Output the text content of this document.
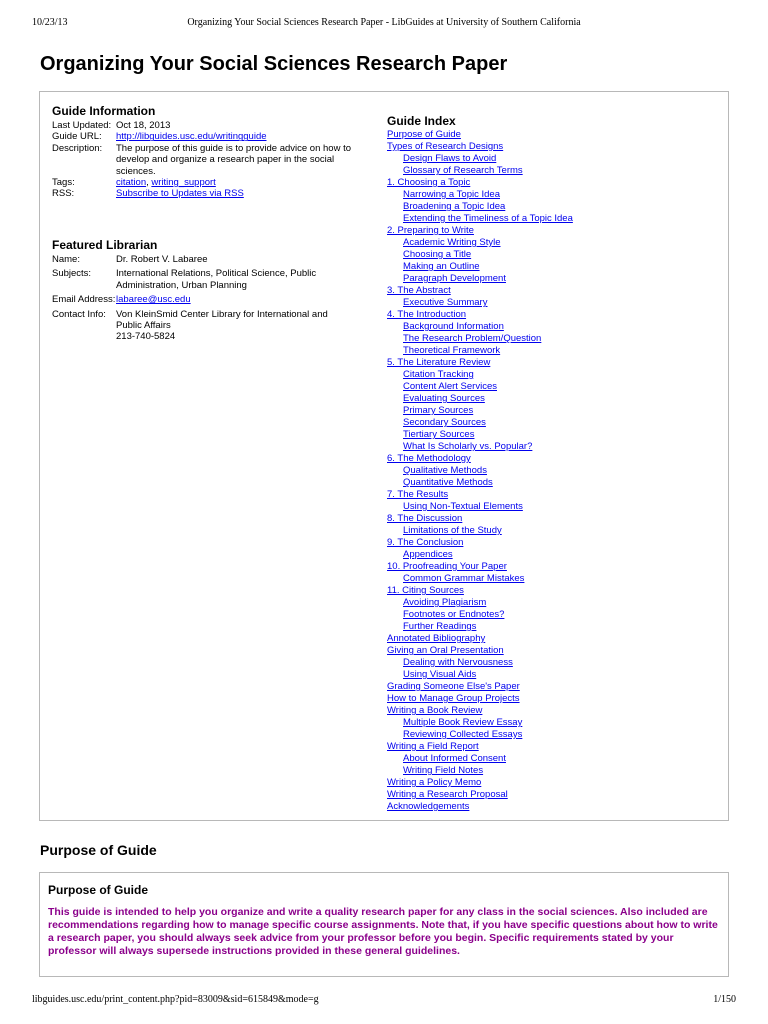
10/23/13	Organizing Your Social Sciences Research Paper - LibGuides at University of Southern California
Organizing Your Social Sciences Research Paper
Guide Information
Last Updated:	Oct 18, 2013
Guide URL:	http://libguides.usc.edu/writingguide
Description:	The purpose of this guide is to provide advice on how to develop and organize a research paper in the social sciences.
Tags:	citation, writing_support
RSS:	Subscribe to Updates via RSS
Featured Librarian
Name:	Dr. Robert V. Labaree
Subjects:	International Relations, Political Science, Public Administration, Urban Planning
Email Address:	labaree@usc.edu
Contact Info:	Von KleinSmid Center Library for International and Public Affairs
213-740-5824
Guide Index
Purpose of Guide
Types of Research Designs
Design Flaws to Avoid
Glossary of Research Terms
1. Choosing a Topic
Narrowing a Topic Idea
Broadening a Topic Idea
Extending the Timeliness of a Topic Idea
2. Preparing to Write
Academic Writing Style
Choosing a Title
Making an Outline
Paragraph Development
3. The Abstract
Executive Summary
4. The Introduction
Background Information
The Research Problem/Question
Theoretical Framework
5. The Literature Review
Citation Tracking
Content Alert Services
Evaluating Sources
Primary Sources
Secondary Sources
Tiertiary Sources
What Is Scholarly vs. Popular?
6. The Methodology
Qualitative Methods
Quantitative Methods
7. The Results
Using Non-Textual Elements
8. The Discussion
Limitations of the Study
9. The Conclusion
Appendices
10. Proofreading Your Paper
Common Grammar Mistakes
11. Citing Sources
Avoiding Plagiarism
Footnotes or Endnotes?
Further Readings
Annotated Bibliography
Giving an Oral Presentation
Dealing with Nervousness
Using Visual Aids
Grading Someone Else's Paper
How to Manage Group Projects
Writing a Book Review
Multiple Book Review Essay
Reviewing Collected Essays
Writing a Field Report
About Informed Consent
Writing Field Notes
Writing a Policy Memo
Writing a Research Proposal
Acknowledgements
Purpose of Guide
Purpose of Guide

This guide is intended to help you organize and write a quality research paper for any class in the social sciences. Also included are recommendations regarding how to manage specific course assignments. Note that, if you have specific questions about how to write a research paper, you should always seek advice from your professor before you begin. Specific requirements stated by your professor will always supersede instructions provided in these general guidelines.

libguides.usc.edu/print_content.php?pid=83009&sid=615849&mode=g	1/150
